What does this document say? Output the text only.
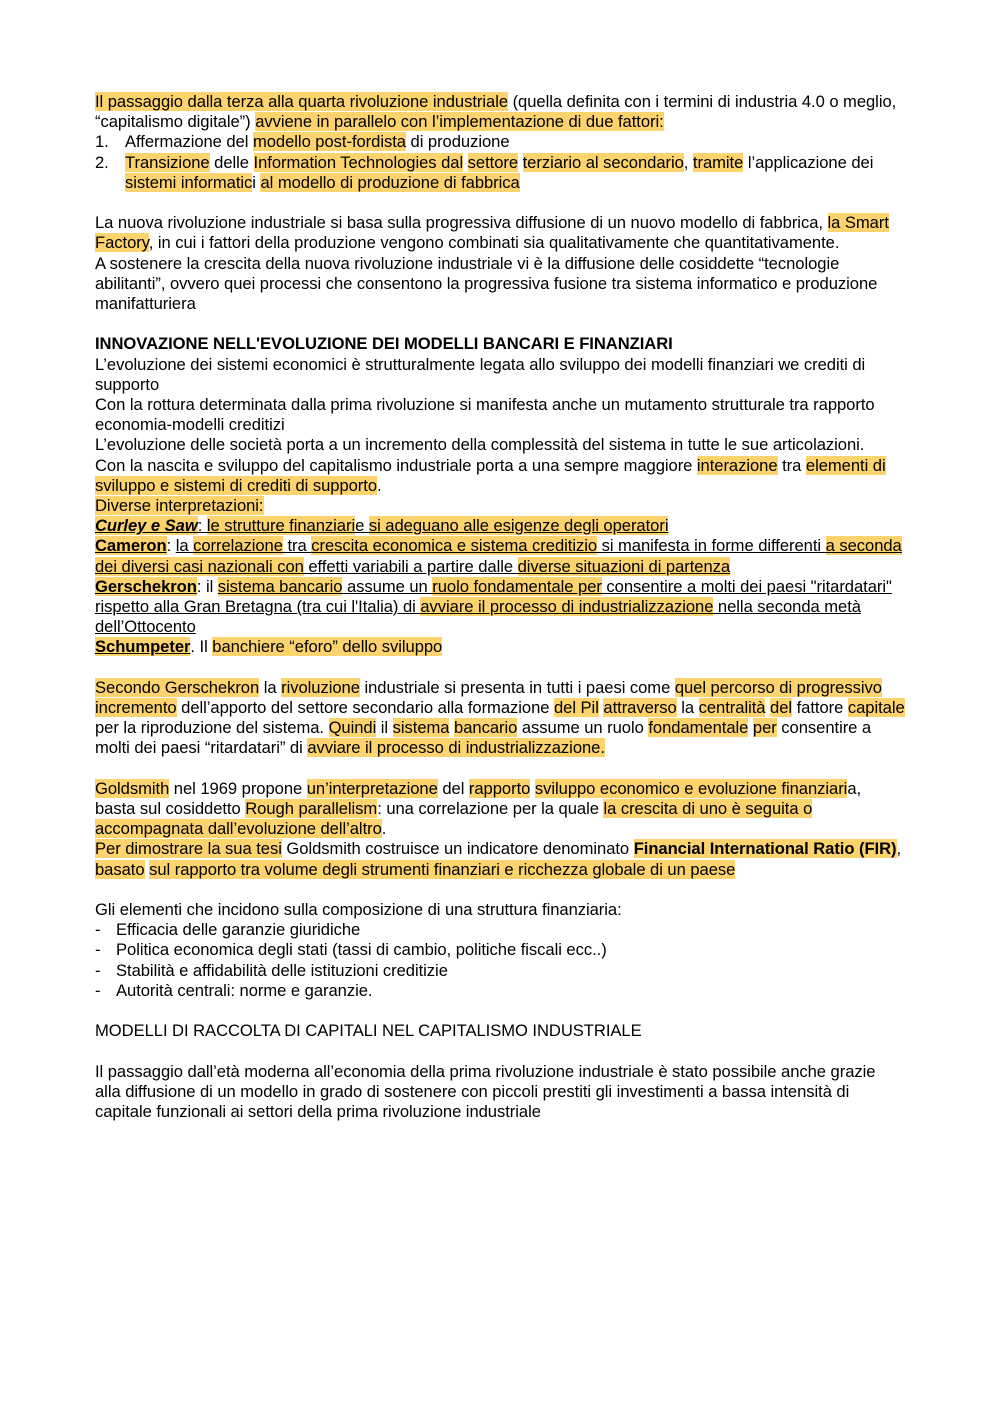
Il passaggio dalla terza alla quarta rivoluzione industriale (quella definita con i termini di industria 4.0 o meglio, “capitalismo digitale”) avviene in parallelo con l’implementazione di due fattori:

1. Affermazione del modello post-fordista di produzione
2. Transizione delle Information Technologies dal settore terziario al secondario, tramite l’applicazione dei sistemi informatici al modello di produzione di fabbrica

La nuova rivoluzione industriale si basa sulla progressiva diffusione di un nuovo modello di fabbrica, la Smart Factory, in cui i fattori della produzione vengono combinati sia qualitativamente che quantitativamente.

A sostenere la crescita della nuova rivoluzione industriale vi è la diffusione delle cosiddette “tecnologie abilitanti”, ovvero quei processi che consentono la progressiva fusione tra sistema informatico e produzione manifatturiera

INNOVAZIONE NELL'EVOLUZIONE DEI MODELLI BANCARI E FINANZIARI

L’evoluzione dei sistemi economici è strutturalmente legata allo sviluppo dei modelli finanziari we crediti di supporto

Con la rottura determinata dalla prima rivoluzione si manifesta anche un mutamento strutturale tra rapporto economia-modelli creditizi

L’evoluzione delle società porta a un incremento della complessità del sistema in tutte le sue articolazioni.

Con la nascita e sviluppo del capitalismo industriale porta a una sempre maggiore interazione tra elementi di sviluppo e sistemi di crediti di supporto.

Diverse interpretazioni:

Curley e Saw: le strutture finanziarie si adeguano alle esigenze degli operatori

Cameron: la correlazione tra crescita economica e sistema creditizio si manifesta in forme differenti a seconda dei diversi casi nazionali con effetti variabili a partire dalle diverse situazioni di partenza

Gerschekron: il sistema bancario assume un ruolo fondamentale per consentire a molti dei paesi "ritardatari" rispetto alla Gran Bretagna (tra cui l'Italia) di avviare il processo di industrializzazione nella seconda metà dell’Ottocento

Schumpeter. Il banchiere “eforo” dello sviluppo

Secondo Gerschekron la rivoluzione industriale si presenta in tutti i paesi come quel percorso di progressivo incremento dell’apporto del settore secondario alla formazione del Pil attraverso la centralità del fattore capitale per la riproduzione del sistema. Quindi il sistema bancario assume un ruolo fondamentale per consentire a molti dei paesi “ritardatari” di avviare il processo di industrializzazione.

Goldsmith nel 1969 propone un’interpretazione del rapporto sviluppo economico e evoluzione finanziaria, basta sul cosiddetto Rough parallelism: una correlazione per la quale la crescita di uno è seguita o accompagnata dall’evoluzione dell’altro.

Per dimostrare la sua tesi Goldsmith costruisce un indicatore denominato Financial International Ratio (FIR), basato sul rapporto tra volume degli strumenti finanziari e ricchezza globale di un paese

Gli elementi che incidono sulla composizione di una struttura finanziaria:

- Efficacia delle garanzie giuridiche
- Politica economica degli stati (tassi di cambio, politiche fiscali ecc..)
- Stabilità e affidabilità delle istituzioni creditizie
- Autorità centrali: norme e garanzie.

MODELLI DI RACCOLTA DI CAPITALI NEL CAPITALISMO INDUSTRIALE

Il passaggio dall’età moderna all’economia della prima rivoluzione industriale è stato possibile anche grazie alla diffusione di un modello in grado di sostenere con piccoli prestiti gli investimenti a bassa intensità di capitale funzionali ai settori della prima rivoluzione industriale
